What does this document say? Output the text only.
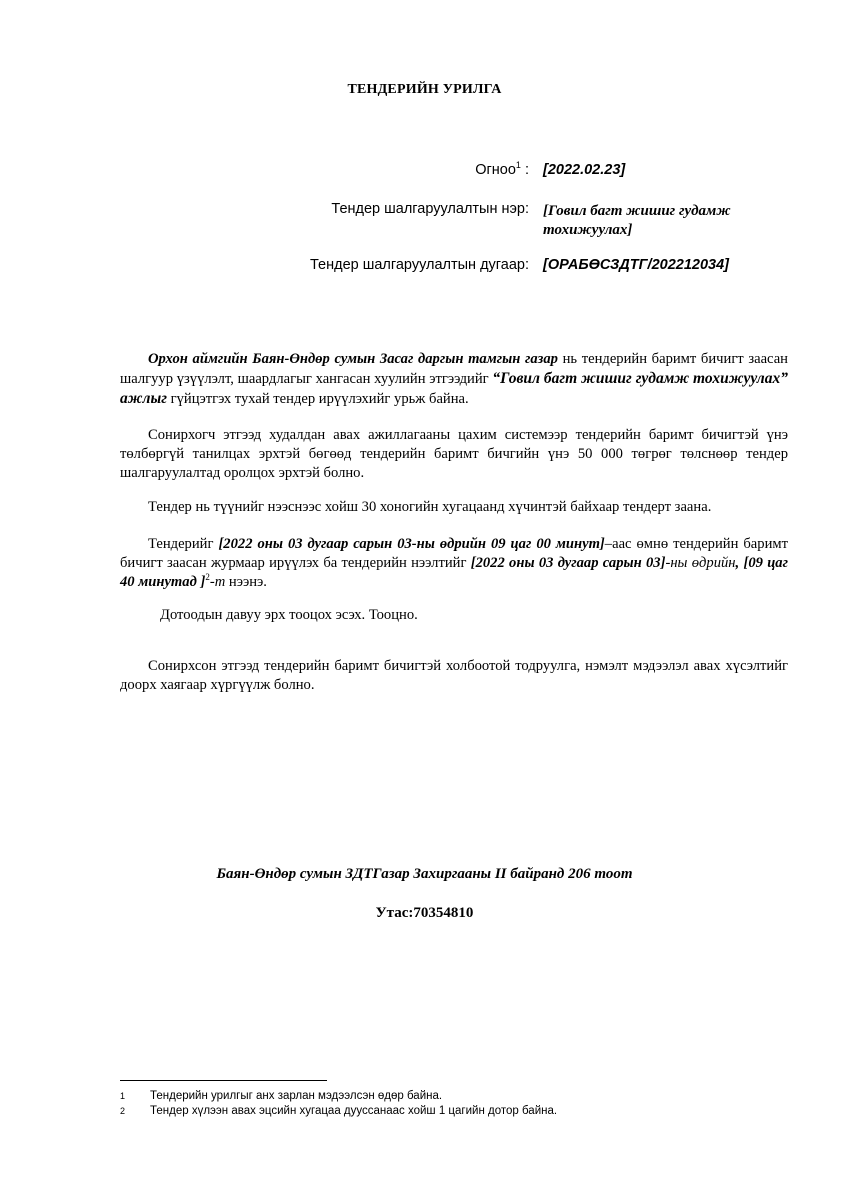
ТЕНДЕРИЙН УРИЛГА
Огноо$^1$ : [2022.02.23]
Тендер шалгаруулалтын нэр: [Говил багт жишиг гудамж тохижуулах]
Тендер шалгаруулалтын дугаар: [ОРАБӨСЗДТГ/202212034]
Орхон аймгийн Баян-Өндөр сумын Засаг даргын тамгын газар нь тендерийн баримт бичигт заасан шалгуур үзүүлэлт, шаардлагыг хангасан хуулийн этгээдийг “Говил багт жишиг гудамж тохижуулах” ажлыг гүйцэтгэх тухай тендер ирүүлэхийг урьж байна.
Сонирхогч этгээд худалдан авах ажиллагааны цахим системээр тендерийн баримт бичигтэй үнэ төлбөргүй танилцах эрхтэй бөгөөд тендерийн баримт бичгийн үнэ 50 000 төгрөг төлснөөр тендер шалгаруулалтад оролцох эрхтэй болно.
Тендер нь түүнийг нээснээс хойш 30 хоногийн хугацаанд хүчинтэй байхаар тендерт заана.
Тендерийг [2022 оны 03 дугаар сарын 03-ны өдрийн 09 цаг 00 минут]–аас өмнө тендерийн баримт бичигт заасан журмаар ирүүлэх ба тендерийн нээлтийг [2022 оны 03 дугаар сарын 03]-ны өдрийн, [09 цаг 40 минутад ]$^2$-т нээнэ.
Дотоодын давуу эрх тооцох эсэх. Тооцно.
Сонирхсон этгээд тендерийн баримт бичигтэй холбоотой тодруулга, нэмэлт мэдээлэл авах хүсэлтийг доорх хаягаар хүргүүлж болно.
Баян-Өндөр сумын ЗДТГазар Захиргааны II байранд 206 тоот
Утас:70354810
1 Тендерийн урилгыг анх зарлан мэдээлсэн өдөр байна.
2 Тендер хүлээн авах эцсийн хугацаа дууссанаас хойш 1 цагийн дотор байна.
